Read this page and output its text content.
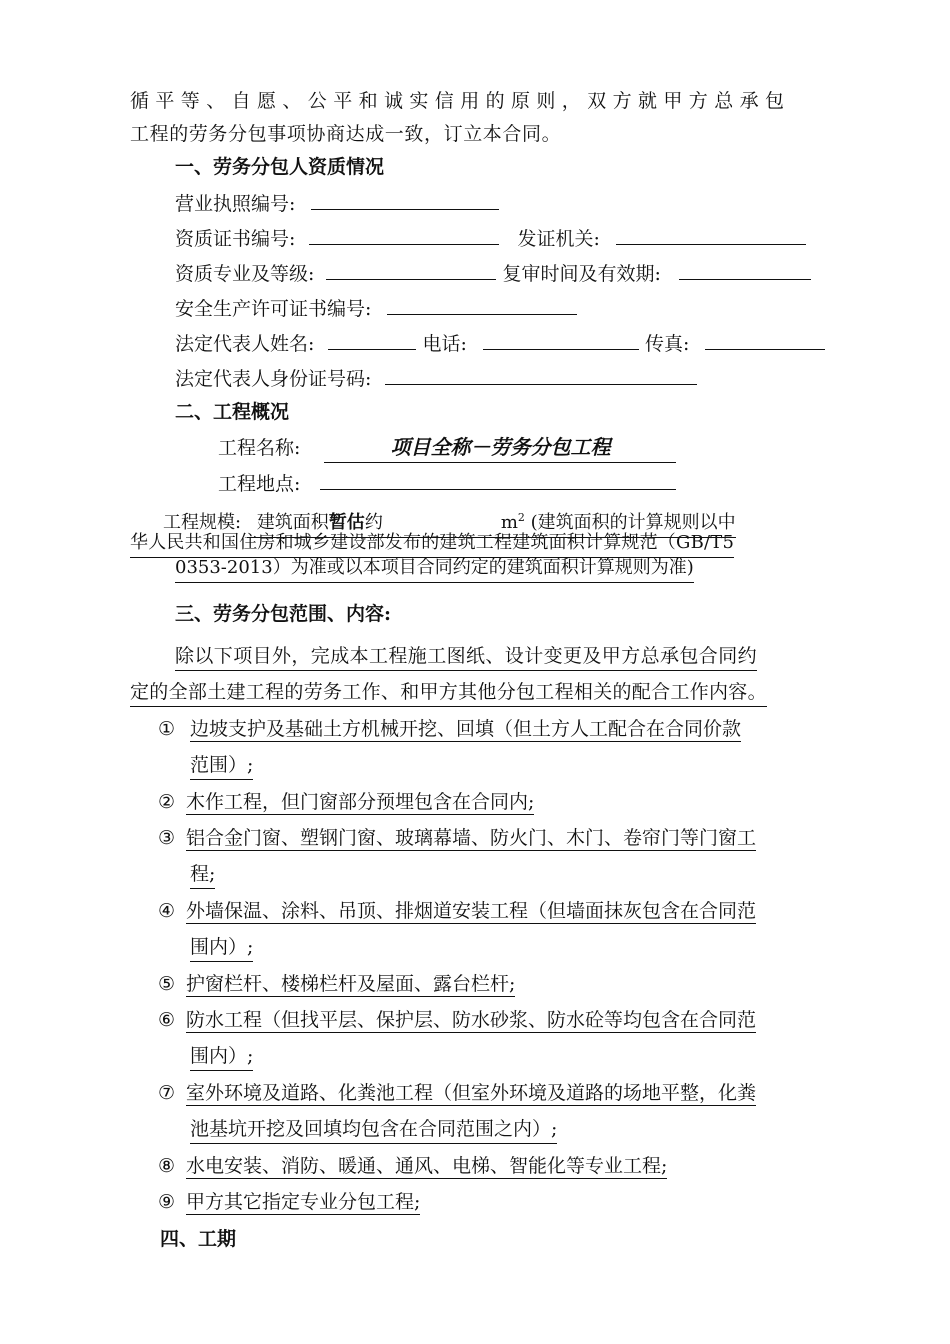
循平等、自愿、公平和诚实信用的原则，双方就甲方总承包
工程的劳务分包事项协商达成一致，订立本合同。
一、劳务分包人资质情况
营业执照编号:
资质证书编号:	发证机关:
资质专业及等级:	复审时间及有效期:
安全生产许可证书编号:
法定代表人姓名:	电话:	传真:
法定代表人身份证号码:
二、工程概况
工程名称:	项目全称－劳务分包工程
工程地点:
工程规模: 建筑面积暂估约	$m^2$ (建筑面积的计算规则以中
华人民共和国住房和城乡建设部发布的建筑工程建筑面积计算规范（GB/T5
0353-2013）为准或以本项目合同约定的建筑面积计算规则为准)
三、劳务分包范围、内容:
除以下项目外，完成本工程施工图纸、设计变更及甲方总承包合同约
定的全部土建工程的劳务工作、和甲方其他分包工程相关的配合工作内容。
① 边坡支护及基础土方机械开挖、回填（但土方人工配合在合同价款
范围）;
② 木作工程，但门窗部分预埋包含在合同内;
③ 铝合金门窗、塑钢门窗、玻璃幕墙、防火门、木门、卷帘门等门窗工
程;
④ 外墙保温、涂料、吊顶、排烟道安装工程（但墙面抹灰包含在合同范
围内）;
⑤ 护窗栏杆、楼梯栏杆及屋面、露台栏杆;
⑥ 防水工程（但找平层、保护层、防水砂浆、防水砼等均包含在合同范
围内）;
⑦ 室外环境及道路、化粪池工程（但室外环境及道路的场地平整，化粪
池基坑开挖及回填均包含在合同范围之内）;
⑧ 水电安装、消防、暖通、通风、电梯、智能化等专业工程;
⑨ 甲方其它指定专业分包工程;
四、工期
